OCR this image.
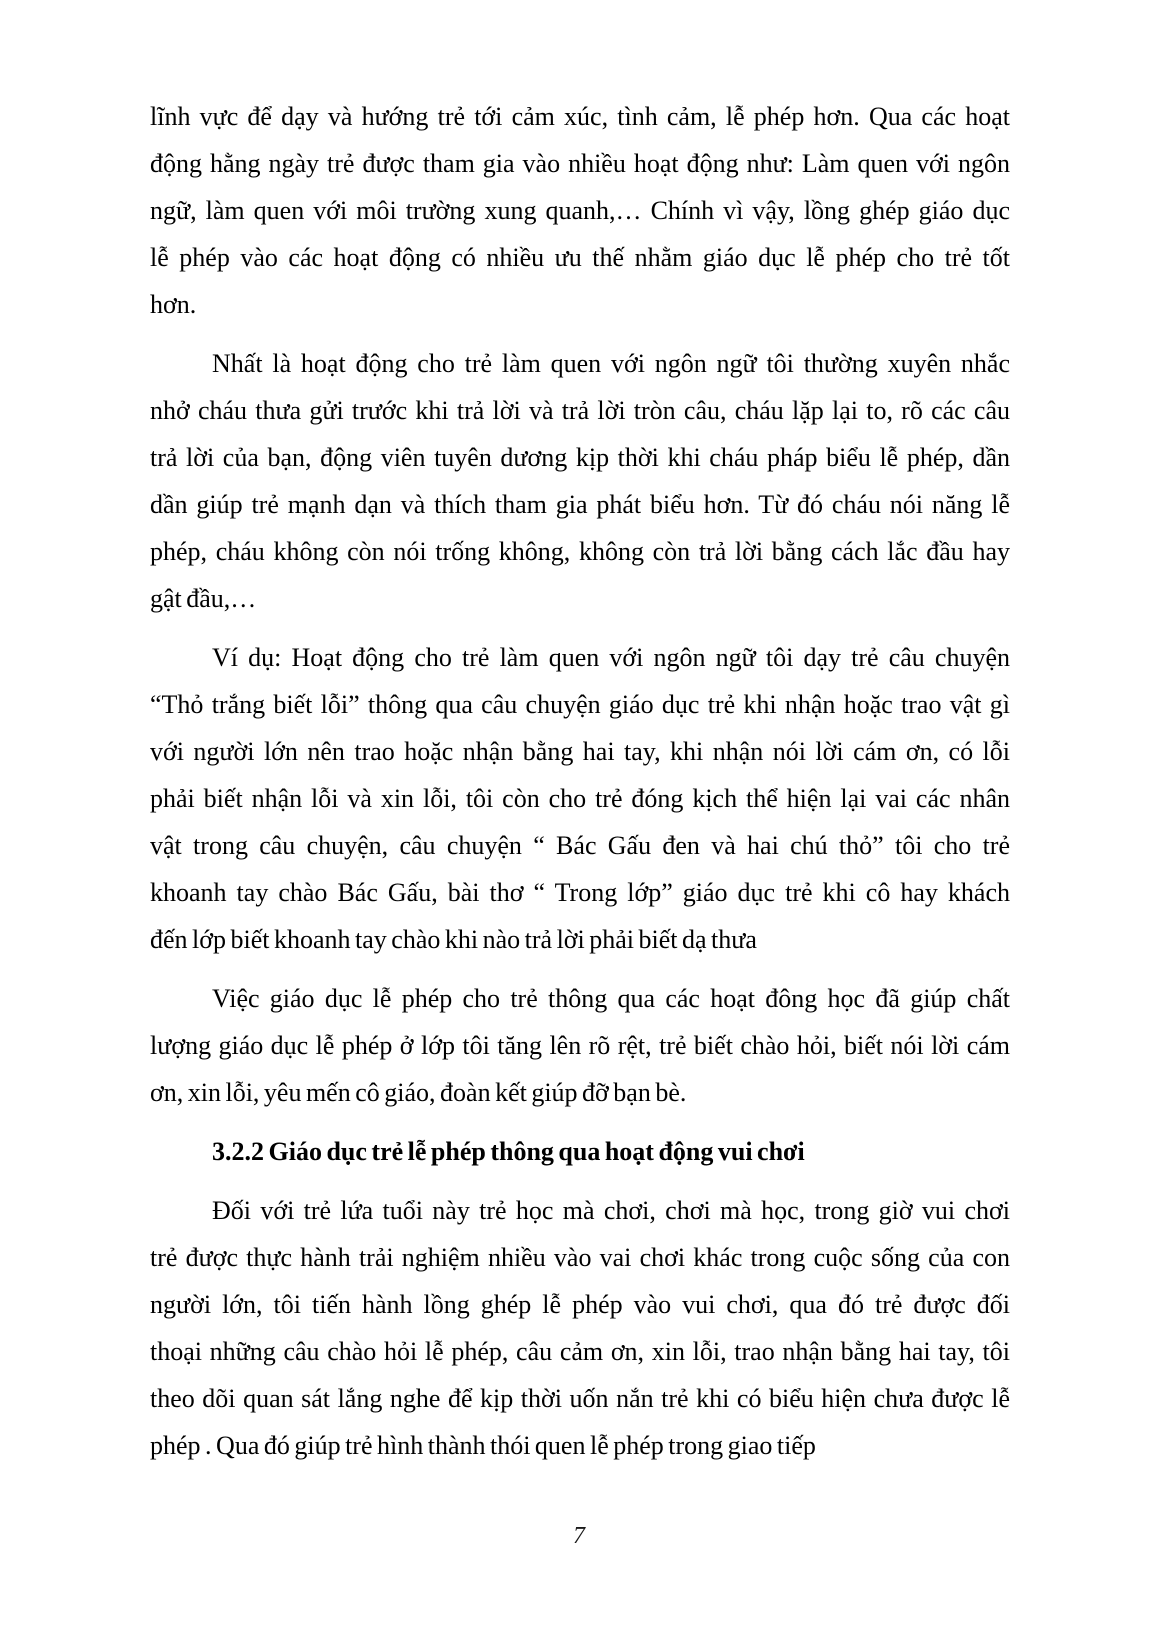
lĩnh vực để dạy và hướng trẻ tới cảm xúc, tình cảm, lễ phép hơn. Qua các hoạt
động hằng ngày trẻ được tham gia vào nhiều hoạt động như: Làm quen với ngôn
ngữ, làm quen với môi trường xung quanh,… Chính vì vậy, lồng ghép giáo dục
lễ phép vào các hoạt động có nhiều ưu thế nhằm giáo dục lễ phép cho trẻ tốt
hơn.
Nhất là hoạt động cho trẻ làm quen với ngôn ngữ tôi thường xuyên nhắc
nhở cháu thưa gửi trước khi trả lời và trả lời tròn câu, cháu lặp lại to, rõ các câu
trả lời của bạn, động viên tuyên dương kịp thời khi cháu pháp biểu lễ phép, dần
dần giúp trẻ mạnh dạn và thích tham gia phát biểu hơn. Từ đó cháu nói năng lễ
phép, cháu không còn nói trống không, không còn trả lời bằng cách lắc đầu hay
gật đầu,…
Ví dụ: Hoạt động cho trẻ làm quen với ngôn ngữ tôi dạy trẻ câu chuyện
“Thỏ trắng biết lỗi” thông qua câu chuyện giáo dục trẻ khi nhận hoặc trao vật gì
với người lớn nên trao hoặc nhận bằng hai tay, khi nhận nói lời cám ơn, có lỗi
phải biết nhận lỗi và xin lỗi, tôi còn cho trẻ đóng kịch thể hiện lại vai các nhân
vật trong câu chuyện, câu chuyện “ Bác Gấu đen và hai chú thỏ” tôi cho trẻ
khoanh tay chào Bác Gấu, bài thơ “ Trong lớp” giáo dục trẻ khi cô hay khách
đến lớp biết khoanh tay chào khi nào trả lời phải biết dạ thưa
Việc giáo dục lễ phép cho trẻ thông qua các hoạt đông học đã giúp chất
lượng giáo dục lễ phép ở lớp tôi tăng lên rõ rệt, trẻ biết chào hỏi, biết nói lời cám
ơn, xin lỗi, yêu mến cô giáo, đoàn kết giúp đỡ bạn bè.
3.2.2 Giáo dục trẻ lễ phép thông qua hoạt động vui chơi
Đối với trẻ lứa tuổi này trẻ học mà chơi, chơi mà học, trong giờ vui chơi
trẻ được thực hành trải nghiệm nhiều vào vai chơi khác trong cuộc sống của con
người lớn, tôi tiến hành lồng ghép lễ phép vào vui chơi, qua đó trẻ được đối
thoại những câu chào hỏi lễ phép, câu cảm ơn, xin lỗi, trao nhận bằng hai tay, tôi
theo dõi quan sát lắng nghe để kịp thời uốn nắn trẻ khi có biểu hiện chưa được lễ
phép . Qua đó giúp trẻ hình thành thói quen lễ phép trong giao tiếp
7
